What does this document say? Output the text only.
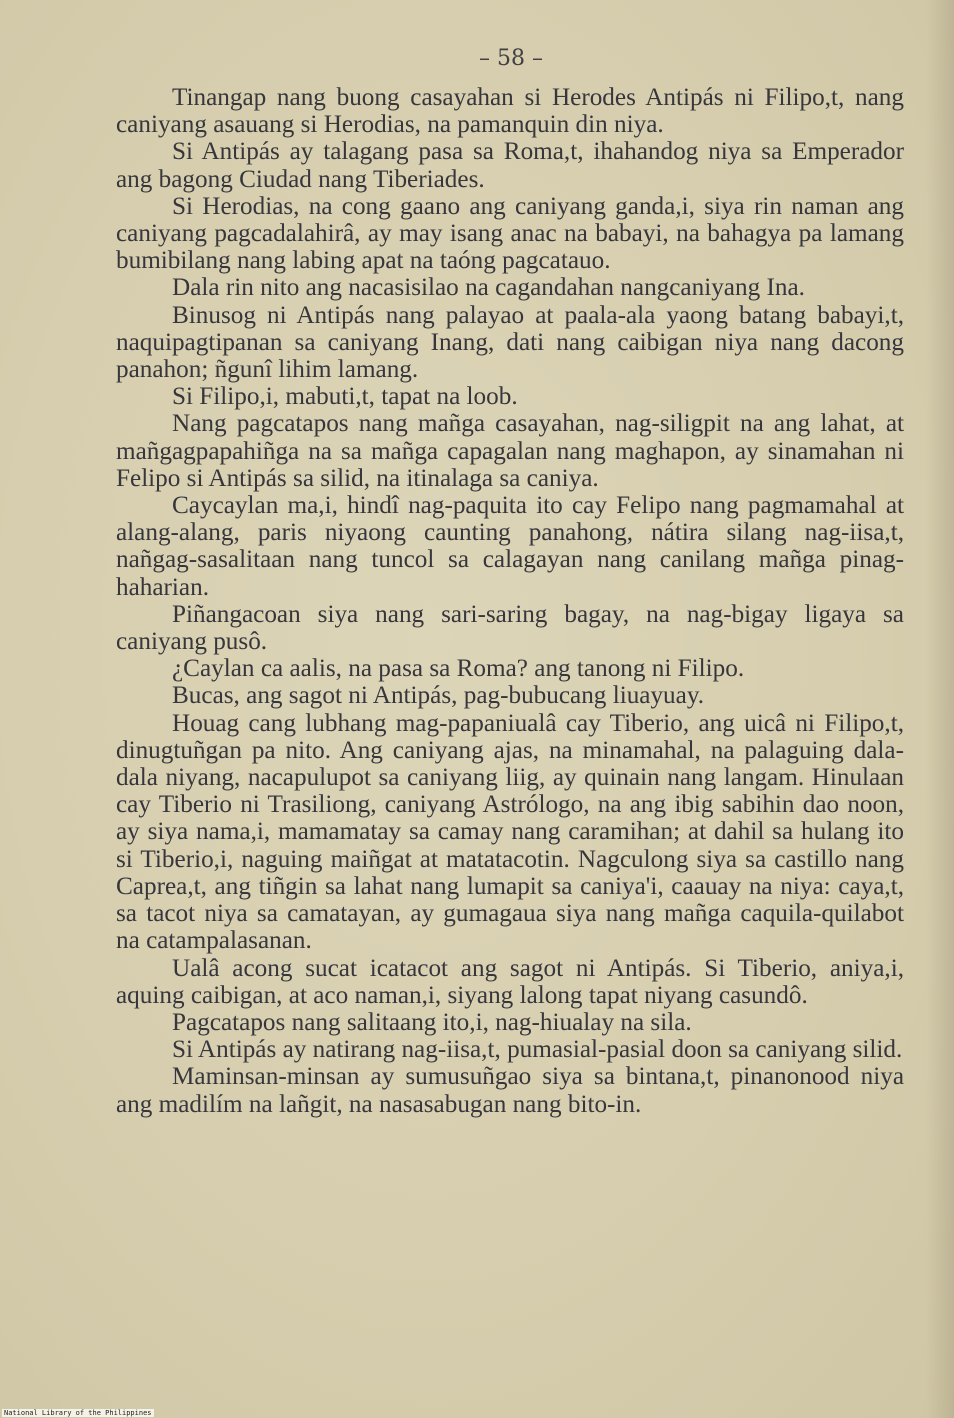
– 58 –

Tinangap nang buong casayahan si Herodes Antipás ni Filipo,t, nang caniyang asauang si Herodias, na pamanquin din niya.

Si Antipás ay talagang pasa sa Roma,t, ihahandog niya sa Emperador ang bagong Ciudad nang Tiberiades.

Si Herodias, na cong gaano ang caniyang ganda,i, siya rin naman ang caniyang pagcadalahirâ, ay may isang anac na babayi, na bahagya pa lamang bumibilang nang labing apat na taóng pagcatauo.

Dala rin nito ang nacasisilao na cagandahan nangcaniyang Ina.

Binusog ni Antipás nang palayao at paala-ala yaong batang babayi,t, naquipagtipanan sa caniyang Inang, dati nang caibigan niya nang dacong panahon; ñgunî lihim lamang.

Si Filipo,i, mabuti,t, tapat na loob.

Nang pagcatapos nang mañga casayahan, nag-siligpit na ang lahat, at mañgagpapahiñga na sa mañga capagalan nang maghapon, ay sinamahan ni Felipo si Antipás sa silid, na itinalaga sa caniya.

Caycaylan ma,i, hindî nag-paquita ito cay Felipo nang pagmamahal at alang-alang, paris niyaong caunting panahong, nátira silang nag-iisa,t, nañgag-sasalitaan nang tuncol sa calagayan nang canilang mañga pinag-haharian.

Piñangacoan siya nang sari-saring bagay, na nag-bigay ligaya sa caniyang pusô.

¿Caylan ca aalis, na pasa sa Roma? ang tanong ni Filipo.

Bucas, ang sagot ni Antipás, pag-bubucang liuayuay.

Houag cang lubhang mag-papaniualâ cay Tiberio, ang uicâ ni Filipo,t, dinugtuñgan pa nito. Ang caniyang ajas, na minamahal, na palaguing dala-dala niyang, nacapulupot sa caniyang liig, ay quinain nang langam. Hinulaan cay Tiberio ni Trasiliong, caniyang Astrólogo, na ang ibig sabihin dao noon, ay siya nama,i, mamamatay sa camay nang caramihan; at dahil sa hulang ito si Tiberio,i, naguing maiñgat at matatacotin. Nagculong siya sa castillo nang Caprea,t, ang tiñgin sa lahat nang lumapit sa caniya'i, caauay na niya: caya,t, sa tacot niya sa camatayan, ay gumagaua siya nang mañga caquila-quilabot na catampalasanan.

Ualâ acong sucat icatacot ang sagot ni Antipás. Si Tiberio, aniya,i, aquing caibigan, at aco naman,i, siyang lalong tapat niyang casundô.

Pagcatapos nang salitaang ito,i, nag-hiualay na sila.

Si Antipás ay natirang nag-iisa,t, pumasial-pasial doon sa caniyang silid.

Maminsan-minsan ay sumusuñgao siya sa bintana,t, pinanonood niya ang madilím na lañgit, na nasasabugan nang bito-in.

National Library of the Philippines
